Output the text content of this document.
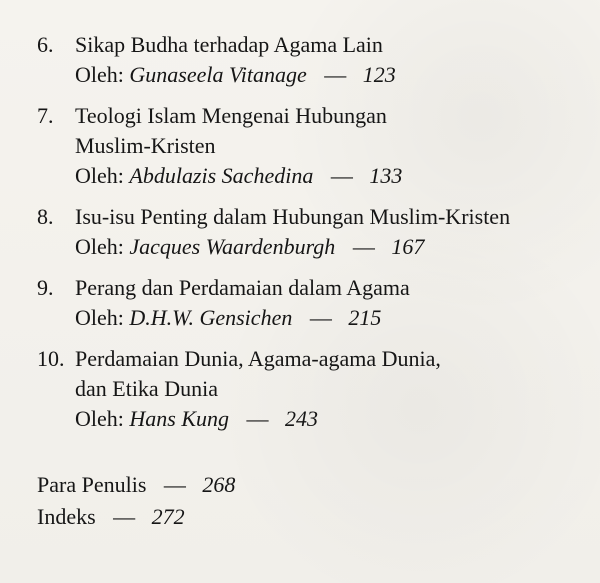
6. Sikap Budha terhadap Agama Lain
Oleh: Gunaseela Vitanage — 123
7. Teologi Islam Mengenai Hubungan
Muslim-Kristen
Oleh: Abdulazis Sachedina — 133
8. Isu-isu Penting dalam Hubungan Muslim-Kristen
Oleh: Jacques Waardenburgh — 167
9. Perang dan Perdamaian dalam Agama
Oleh: D.H.W. Gensichen — 215
10. Perdamaian Dunia, Agama-agama Dunia,
dan Etika Dunia
Oleh: Hans Kung — 243
Para Penulis — 268
Indeks — 272
